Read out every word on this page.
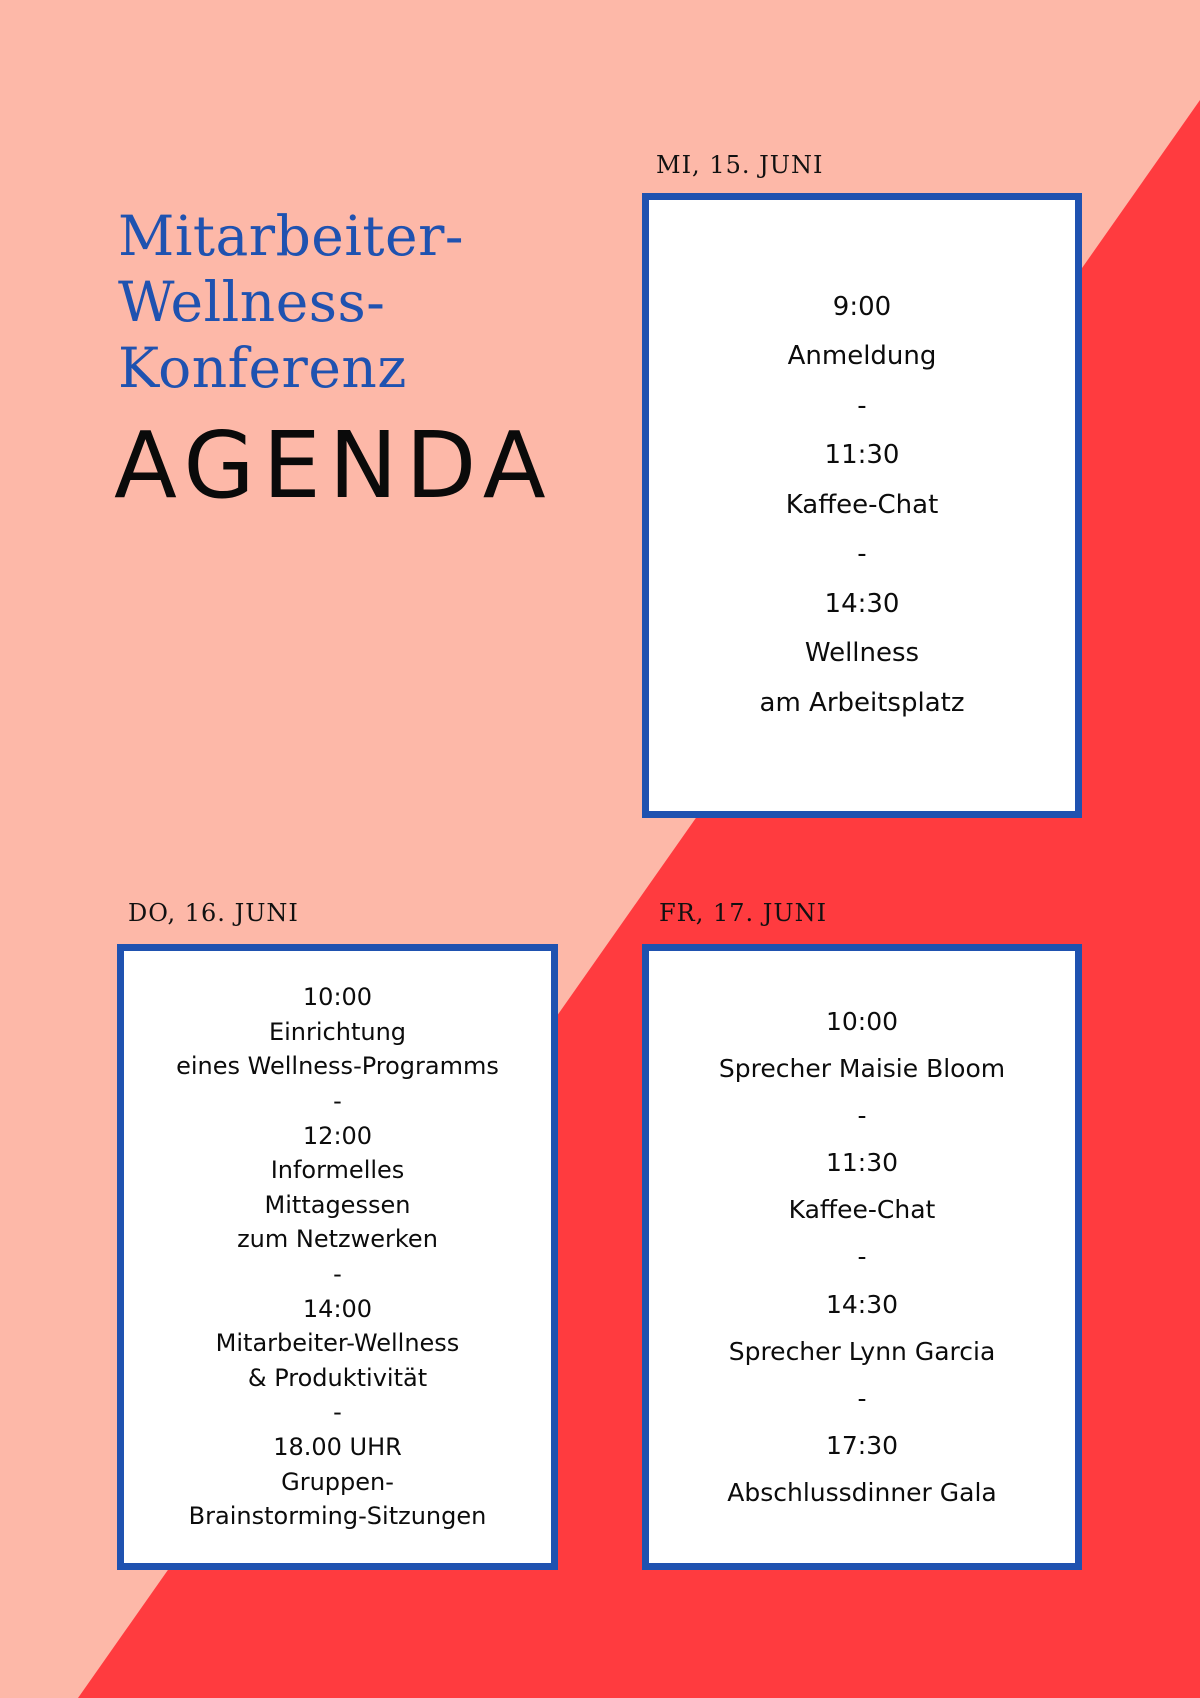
Mitarbeiter-
Wellness-
Konferenz
AGENDA
MI, 15. JUNI
9:00
Anmeldung
-
11:30
Kaffee-Chat
-
14:30
Wellness
am Arbeitsplatz
DO, 16. JUNI
10:00
Einrichtung
eines Wellness-Programms
-
12:00
Informelles
Mittagessen
zum Netzwerken
-
14:00
Mitarbeiter-Wellness
& Produktivität
-
18.00 UHR
Gruppen-
Brainstorming-Sitzungen
FR, 17. JUNI
10:00
Sprecher Maisie Bloom
-
11:30
Kaffee-Chat
-
14:30
Sprecher Lynn Garcia
-
17:30
Abschlussdinner Gala
